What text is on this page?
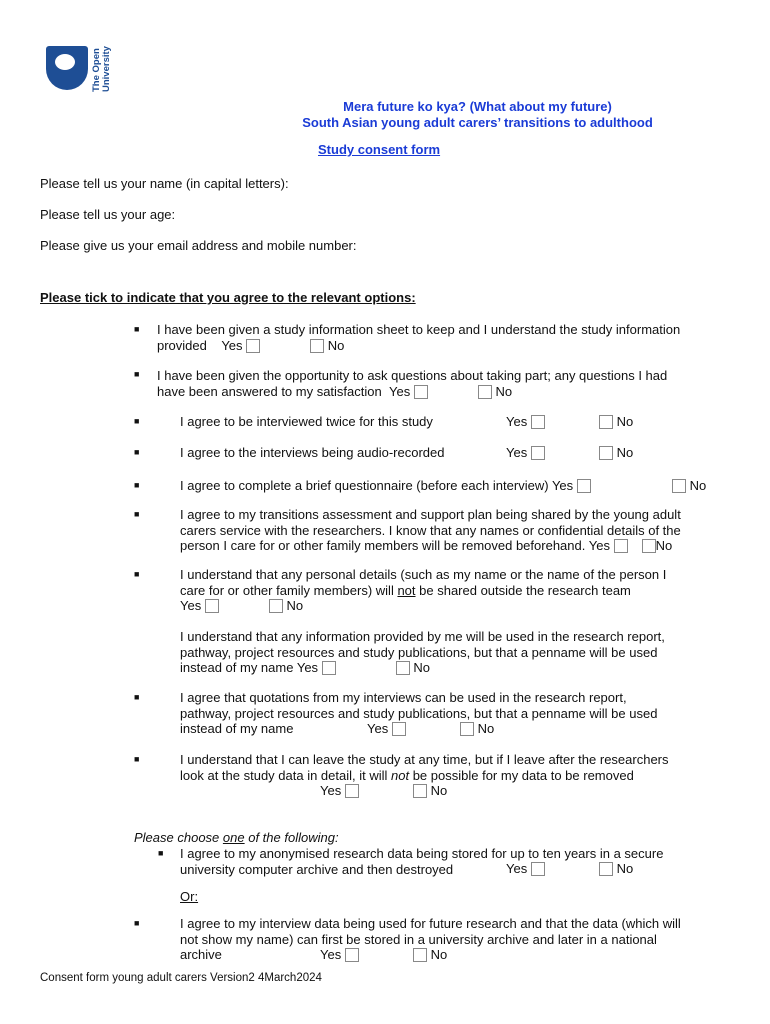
The Open University
Mera future ko kya? (What about my future)
South Asian young adult carers’ transitions to adulthood
Study consent form
Please tell us your name (in capital letters):
Please tell us your age:
Please give us your email address and mobile number:
Please tick to indicate that you agree to the relevant options:
■ I have been given a study information sheet to keep and I understand the study information
provided Yes	No
■ I have been given the opportunity to ask questions about taking part; any questions I had
have been answered to my satisfaction Yes	No
■	I agree to be interviewed twice for this study	Yes	No
■	I agree to the interviews being audio-recorded	Yes	No
■	I agree to complete a brief questionnaire (before each interview) Yes	No
■	I agree to my transitions assessment and support plan being shared by the young adult
carers service with the researchers. I know that any names or confidential details of the
person I care for or other family members will be removed beforehand. Yes	No
■	I understand that any personal details (such as my name or the name of the person I
care for or other family members) will not be shared outside the research team
Yes	No
I understand that any information provided by me will be used in the research report,
pathway, project resources and study publications, but that a penname will be used
instead of my name Yes	No
■	I agree that quotations from my interviews can be used in the research report,
pathway, project resources and study publications, but that a penname will be used
instead of my name	Yes	No
■	I understand that I can leave the study at any time, but if I leave after the researchers
look at the study data in detail, it will not be possible for my data to be removed
Yes	No
Please choose one of the following:
■ I agree to my anonymised research data being stored for up to ten years in a secure
university computer archive and then destroyed	Yes	No
Or:
■	I agree to my interview data being used for future research and that the data (which will
not show my name) can first be stored in a university archive and later in a national
archive	Yes	No
Consent form young adult carers Version2 4March2024
